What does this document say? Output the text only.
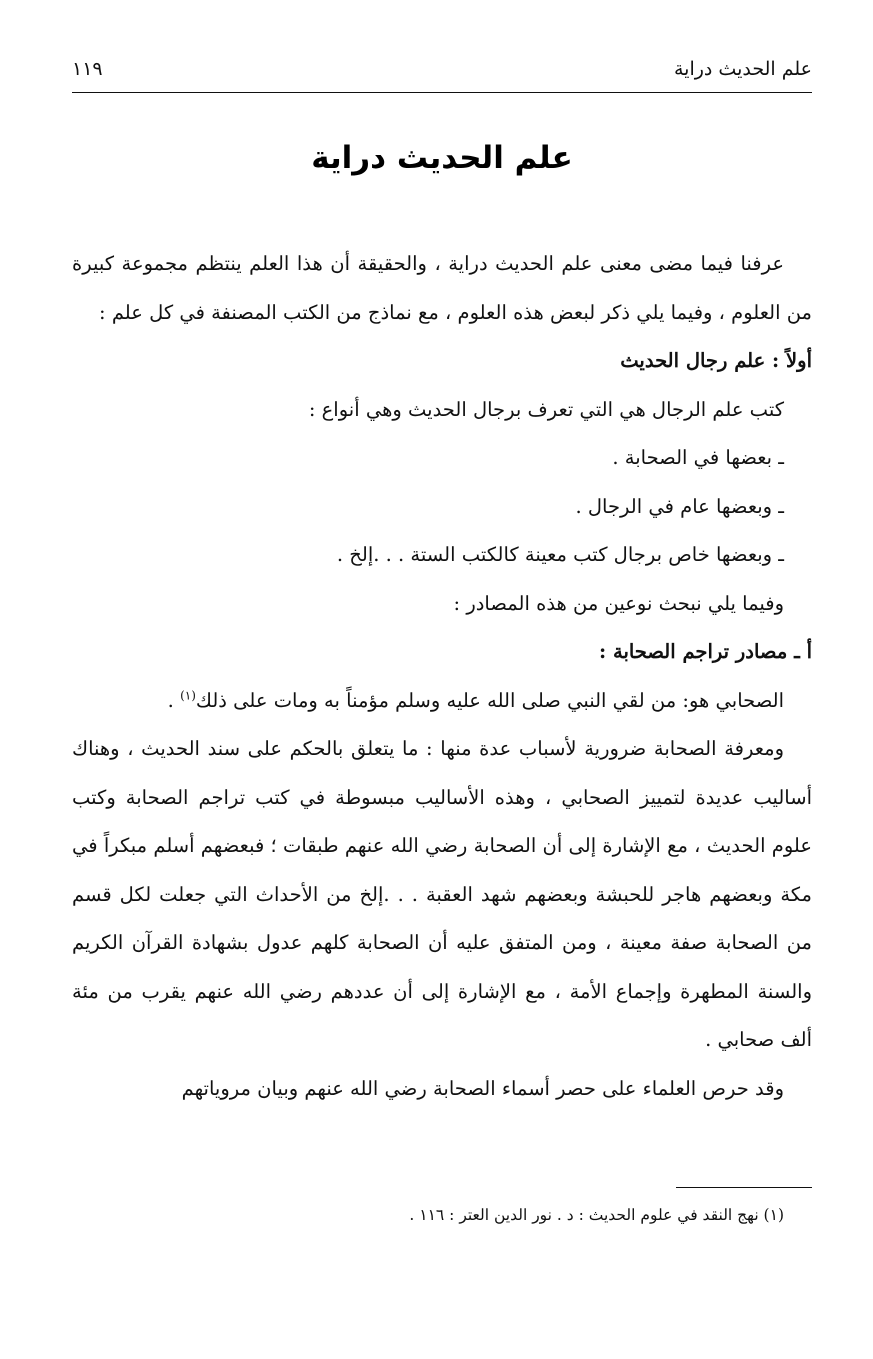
علم الحديث دراية
١١٩
علم الحديث دراية

عرفنا فيما مضى معنى علم الحديث دراية ، والحقيقة أن هذا العلم ينتظم مجموعة كبيرة من العلوم ، وفيما يلي ذكر لبعض هذه العلوم ، مع نماذج من الكتب المصنفة في كل علم :

أولاً : علم رجال الحديث

كتب علم الرجال هي التي تعرف برجال الحديث وهي أنواع :

ـ بعضها في الصحابة .

ـ وبعضها عام في الرجال .

ـ وبعضها خاص برجال كتب معينة كالكتب الستة . . .إلخ .

وفيما يلي نبحث نوعين من هذه المصادر :

أ ـ مصادر تراجم الصحابة :

الصحابي هو: من لقي النبي صلى الله عليه وسلم مؤمناً به ومات على ذلك$^{(١)}$ .

ومعرفة الصحابة ضرورية لأسباب عدة منها : ما يتعلق بالحكم على سند الحديث ، وهناك أساليب عديدة لتمييز الصحابي ، وهذه الأساليب مبسوطة في كتب تراجم الصحابة وكتب علوم الحديث ، مع الإشارة إلى أن الصحابة رضي الله عنهم طبقات ؛ فبعضهم أسلم مبكراً في مكة وبعضهم هاجر للحبشة وبعضهم شهد العقبة . . .إلخ من الأحداث التي جعلت لكل قسم من الصحابة صفة معينة ، ومن المتفق عليه أن الصحابة كلهم عدول بشهادة القرآن الكريم والسنة المطهرة وإجماع الأمة ، مع الإشارة إلى أن عددهم رضي الله عنهم يقرب من مئة ألف صحابي .

وقد حرص العلماء على حصر أسماء الصحابة رضي الله عنهم وبيان مروياتهم

(١) نهج النقد في علوم الحديث : د . نور الدين العتر : ١١٦ .
